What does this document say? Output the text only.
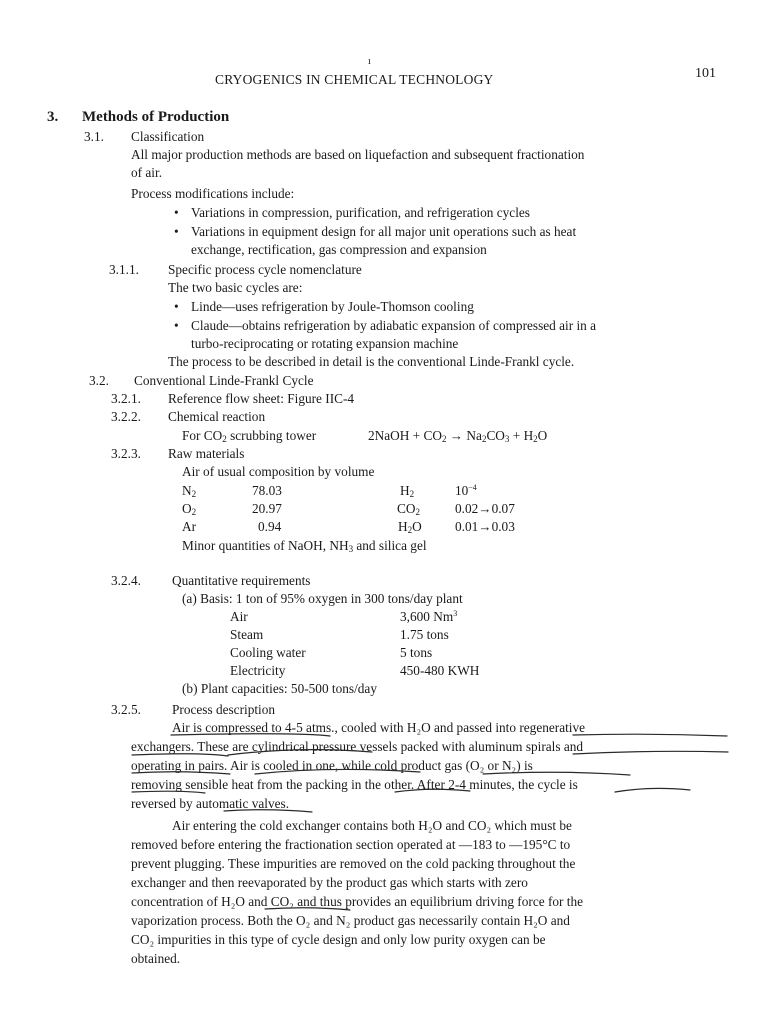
ı
CRYOGENICS IN CHEMICAL TECHNOLOGY	101
3. Methods of Production
3.1. Classification
All major production methods are based on liquefaction and subsequent fractionation
of air.
Process modifications include:
• Variations in compression, purification, and refrigeration cycles
• Variations in equipment design for all major unit operations such as heat
exchange, rectification, gas compression and expansion
3.1.1. Specific process cycle nomenclature
The two basic cycles are:
• Linde—uses refrigeration by Joule-Thomson cooling
• Claude—obtains refrigeration by adiabatic expansion of compressed air in a
turbo-reciprocating or rotating expansion machine
The process to be described in detail is the conventional Linde-Frankl cycle.
3.2. Conventional Linde-Frankl Cycle
3.2.1. Reference flow sheet: Figure IIC-4
3.2.2. Chemical reaction
For $CO_2$ scrubbing tower	2NaOH + $CO_2 \to Na_2CO_3 + H_2O$
3.2.3. Raw materials
Air of usual composition by volume
$N_2$	78.03	$H_2$	$10^{-4}$
$O_2$	20.97	$CO_2$	0.02→0.07
Ar	0.94	$H_2O$	0.01→0.03
Minor quantities of NaOH, $NH_3$ and silica gel
3.2.4. Quantitative requirements
(a) Basis: 1 ton of 95% oxygen in 300 tons/day plant
Air	3,600 Nm$^3$
Steam	1.75 tons
Cooling water	5 tons
Electricity	450-480 KWH
(b) Plant capacities: 50-500 tons/day
3.2.5. Process description
Air is compressed to 4-5 atms., cooled with H₂O and passed into regenerative
exchangers. These are cylindrical pressure vessels packed with aluminum spirals and
operating in pairs. Air is cooled in one, while cold product gas (O₂ or N₂) is
removing sensible heat from the packing in the other. After 2-4 minutes, the cycle is
reversed by automatic valves.
Air entering the cold exchanger contains both H₂O and CO₂ which must be
removed before entering the fractionation section operated at —183 to —195°C to
prevent plugging. These impurities are removed on the cold packing throughout the
exchanger and then reevaporated by the product gas which starts with zero
concentration of H₂O and CO₂ and thus provides an equilibrium driving force for the
vaporization process. Both the O₂ and N₂ product gas necessarily contain H₂O and
CO₂ impurities in this type of cycle design and only low purity oxygen can be
obtained.
